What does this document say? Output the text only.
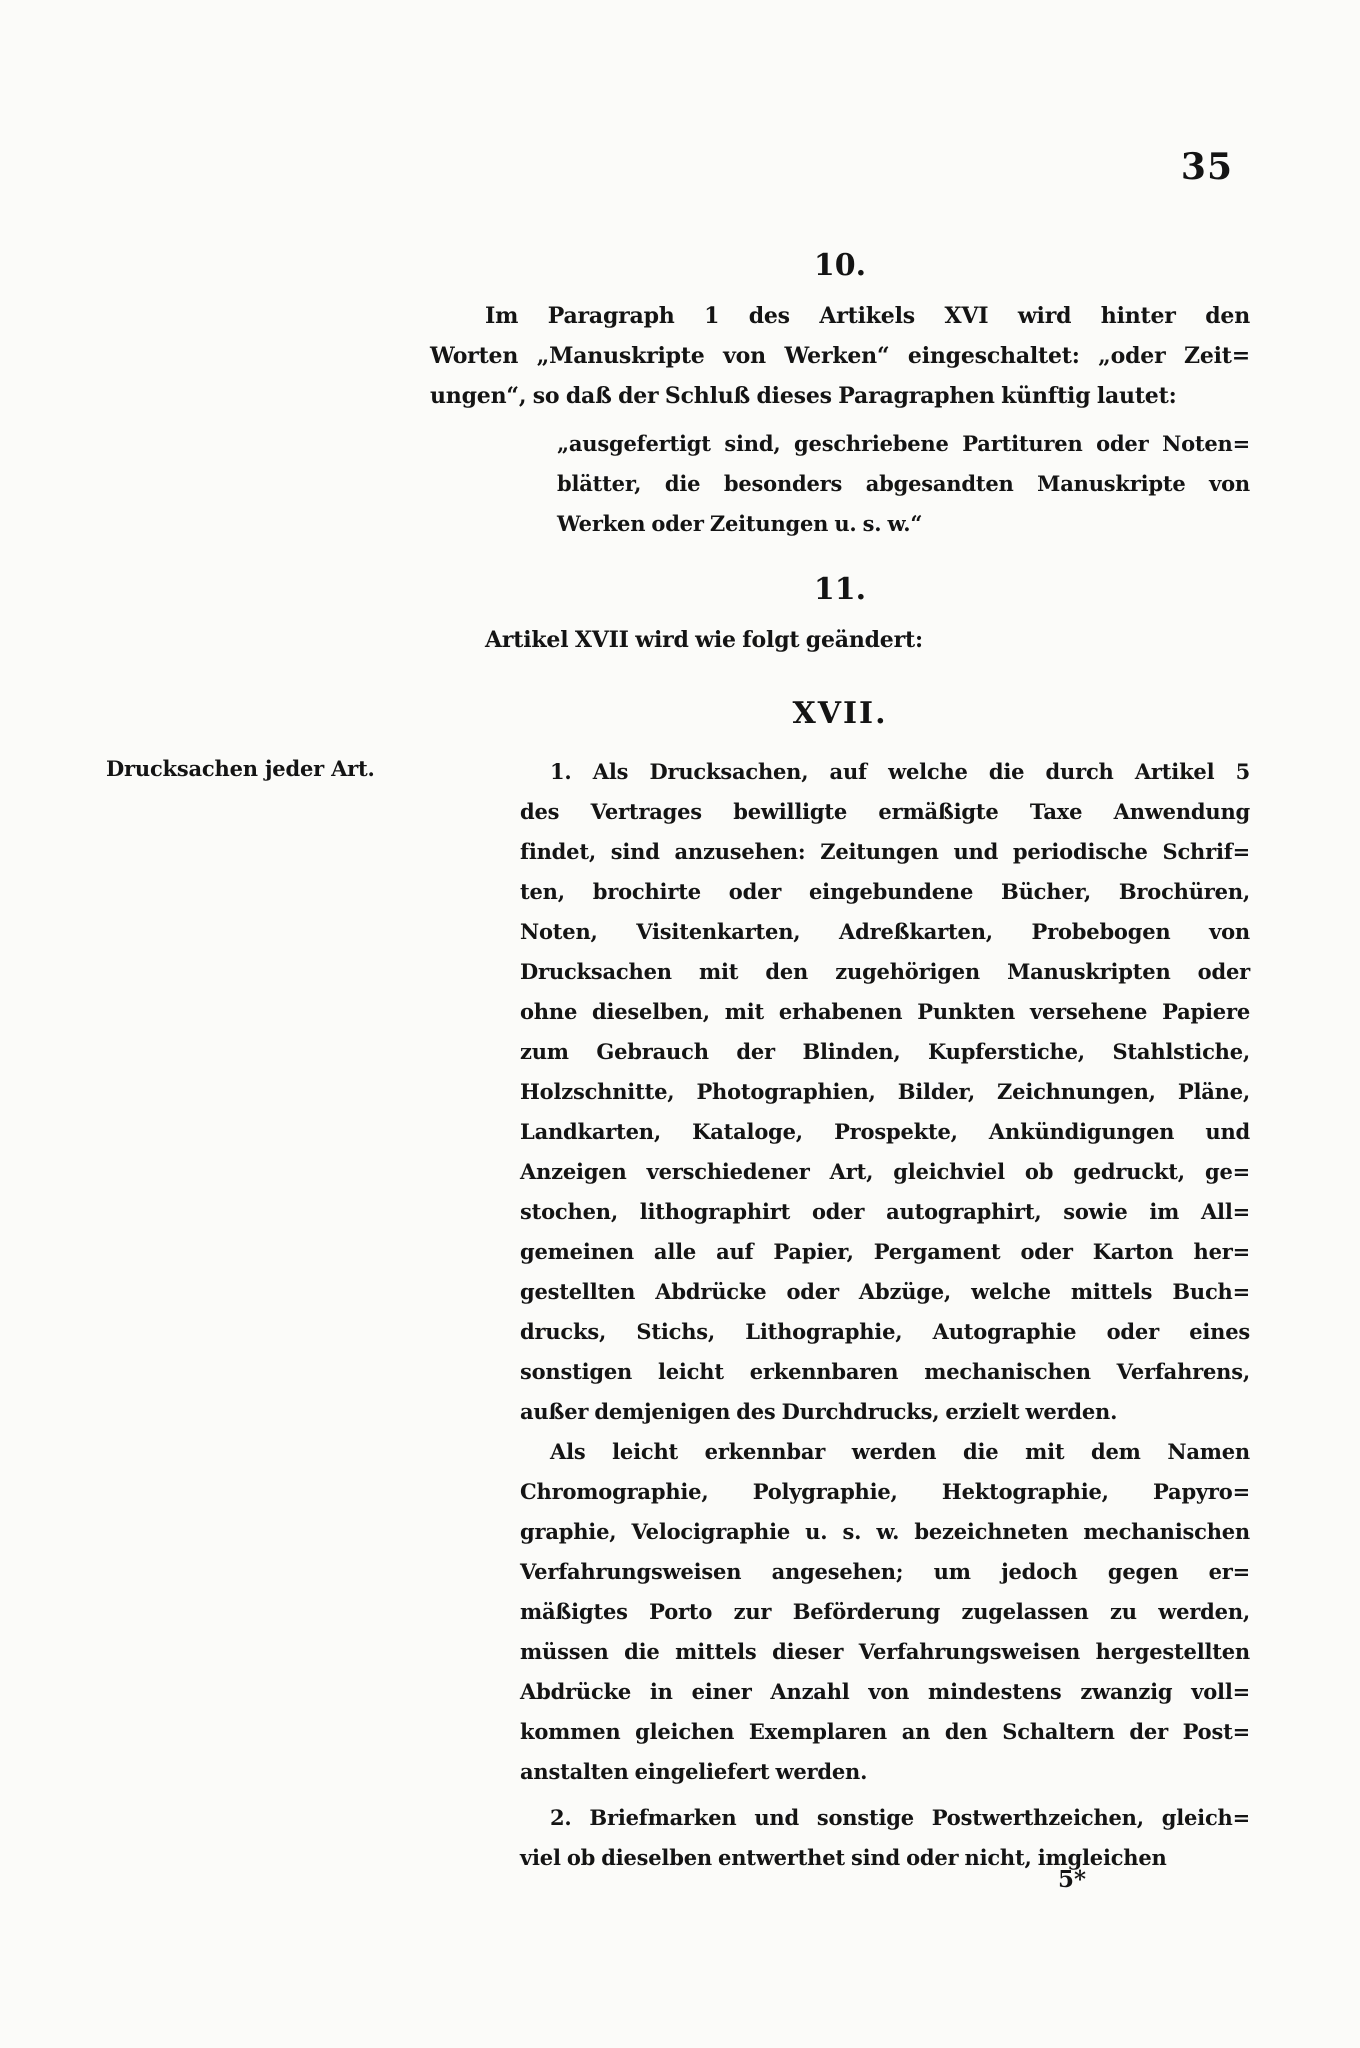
35
10.
Im Paragraph 1 des Artikels XVI wird hinter den
Worten „Manuskripte von Werken“ eingeschaltet: „oder Zeit=
ungen“, so daß der Schluß dieses Paragraphen künftig lautet:
„ausgefertigt sind, geschriebene Partituren oder Noten=
blätter, die besonders abgesandten Manuskripte von
Werken oder Zeitungen u. s. w.“
11.
Artikel XVII wird wie folgt geändert:
XVII.
Drucksachen jeder Art.	1. Als Drucksachen, auf welche die durch Artikel 5
des Vertrages bewilligte ermäßigte Taxe Anwendung
findet, sind anzusehen: Zeitungen und periodische Schrif=
ten, brochirte oder eingebundene Bücher, Brochüren,
Noten, Visitenkarten, Adreßkarten, Probebogen von
Drucksachen mit den zugehörigen Manuskripten oder
ohne dieselben, mit erhabenen Punkten versehene Papiere
zum Gebrauch der Blinden, Kupferstiche, Stahlstiche,
Holzschnitte, Photographien, Bilder, Zeichnungen, Pläne,
Landkarten, Kataloge, Prospekte, Ankündigungen und
Anzeigen verschiedener Art, gleichviel ob gedruckt, ge=
stochen, lithographirt oder autographirt, sowie im All=
gemeinen alle auf Papier, Pergament oder Karton her=
gestellten Abdrücke oder Abzüge, welche mittels Buch=
drucks, Stichs, Lithographie, Autographie oder eines
sonstigen leicht erkennbaren mechanischen Verfahrens,
außer demjenigen des Durchdrucks, erzielt werden.
Als leicht erkennbar werden die mit dem Namen
Chromographie, Polygraphie, Hektographie, Papyro=
graphie, Velocigraphie u. s. w. bezeichneten mechanischen
Verfahrungsweisen angesehen; um jedoch gegen er=
mäßigtes Porto zur Beförderung zugelassen zu werden,
müssen die mittels dieser Verfahrungsweisen hergestellten
Abdrücke in einer Anzahl von mindestens zwanzig voll=
kommen gleichen Exemplaren an den Schaltern der Post=
anstalten eingeliefert werden.
2. Briefmarken und sonstige Postwerthzeichen, gleich=
viel ob dieselben entwerthet sind oder nicht, imgleichen
5*
